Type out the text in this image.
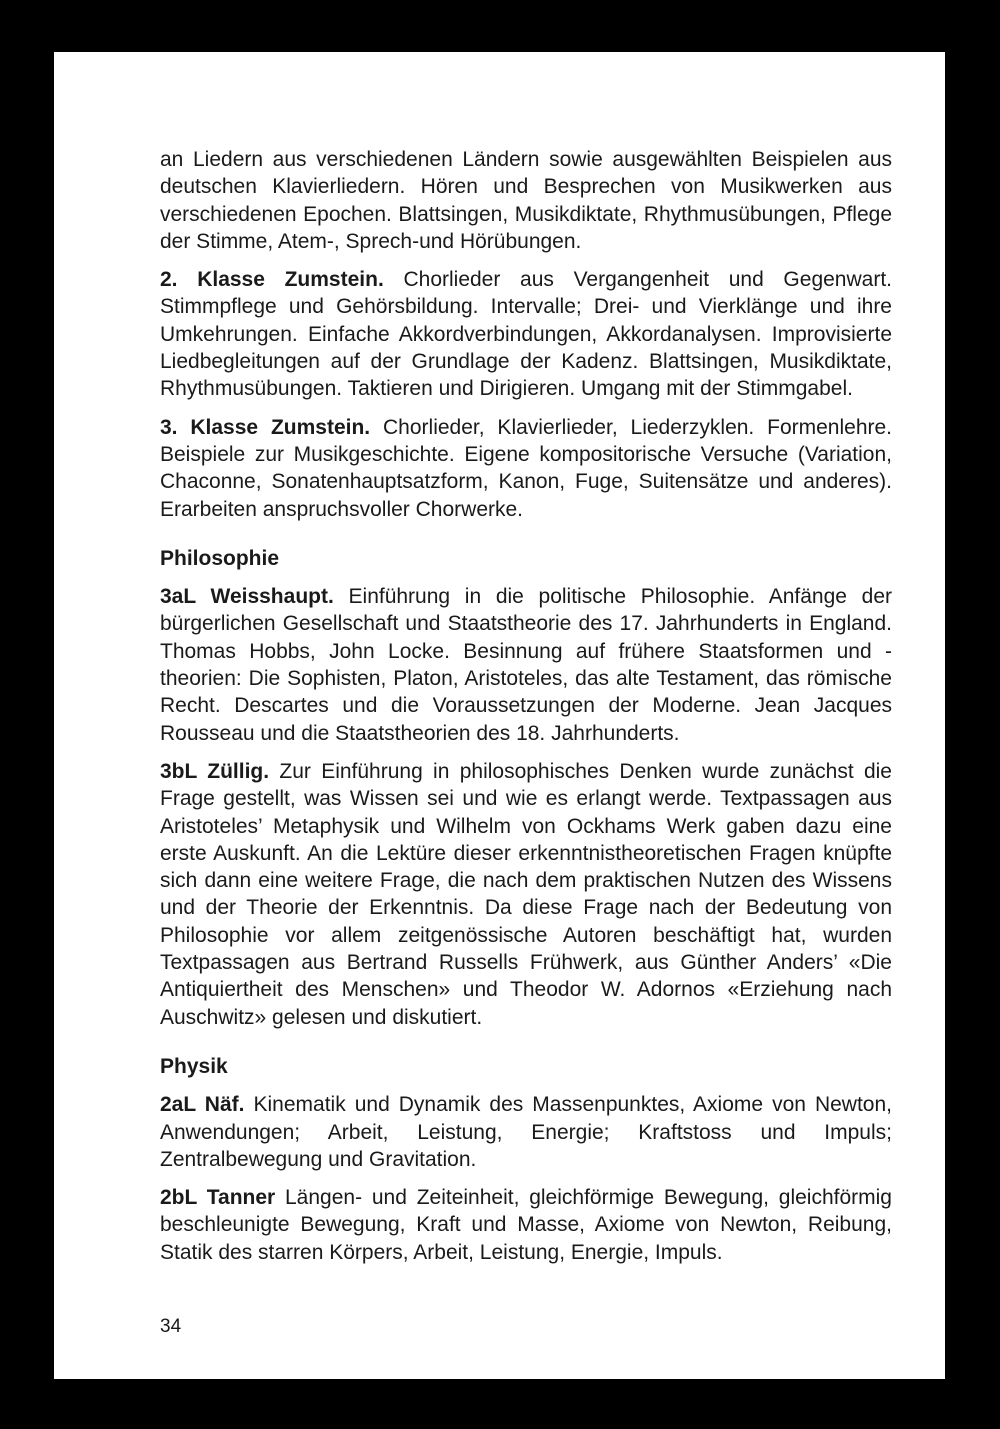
an Liedern aus verschiedenen Ländern sowie ausgewählten Beispielen aus deutschen Klavierliedern. Hören und Besprechen von Musikwerken aus verschiedenen Epochen. Blattsingen, Musikdiktate, Rhythmusübungen, Pflege der Stimme, Atem-, Sprech-und Hörübungen.

2. Klasse Zumstein. Chorlieder aus Vergangenheit und Gegenwart. Stimmpflege und Gehörsbildung. Intervalle; Drei- und Vierklänge und ihre Umkehrungen. Einfache Akkordverbindungen, Akkordanalysen. Improvisierte Liedbegleitungen auf der Grundlage der Kadenz. Blattsingen, Musikdiktate, Rhythmusübungen. Taktieren und Dirigieren. Umgang mit der Stimmgabel.

3. Klasse Zumstein. Chorlieder, Klavierlieder, Liederzyklen. Formenlehre. Beispiele zur Musikgeschichte. Eigene kompositorische Versuche (Variation, Chaconne, Sonatenhauptsatzform, Kanon, Fuge, Suitensätze und anderes). Erarbeiten anspruchsvoller Chorwerke.

Philosophie

3aL Weisshaupt. Einführung in die politische Philosophie. Anfänge der bürgerlichen Gesellschaft und Staatstheorie des 17. Jahrhunderts in England. Thomas Hobbs, John Locke. Besinnung auf frühere Staatsformen und -theorien: Die Sophisten, Platon, Aristoteles, das alte Testament, das römische Recht. Descartes und die Voraussetzungen der Moderne. Jean Jacques Rousseau und die Staatstheorien des 18. Jahrhunderts.

3bL Züllig. Zur Einführung in philosophisches Denken wurde zunächst die Frage gestellt, was Wissen sei und wie es erlangt werde. Textpassagen aus Aristoteles’ Metaphysik und Wilhelm von Ockhams Werk gaben dazu eine erste Auskunft. An die Lektüre dieser erkenntnistheoretischen Fragen knüpfte sich dann eine weitere Frage, die nach dem praktischen Nutzen des Wissens und der Theorie der Erkenntnis. Da diese Frage nach der Bedeutung von Philosophie vor allem zeitgenössische Autoren beschäftigt hat, wurden Textpassagen aus Bertrand Russells Frühwerk, aus Günther Anders’ «Die Antiquiertheit des Menschen» und Theodor W. Adornos «Erziehung nach Auschwitz» gelesen und diskutiert.

Physik

2aL Näf. Kinematik und Dynamik des Massenpunktes, Axiome von Newton, Anwendungen; Arbeit, Leistung, Energie; Kraftstoss und Impuls; Zentralbewegung und Gravitation.

2bL Tanner Längen- und Zeiteinheit, gleichförmige Bewegung, gleichförmig beschleunigte Bewegung, Kraft und Masse, Axiome von Newton, Reibung, Statik des starren Körpers, Arbeit, Leistung, Energie, Impuls.

34
